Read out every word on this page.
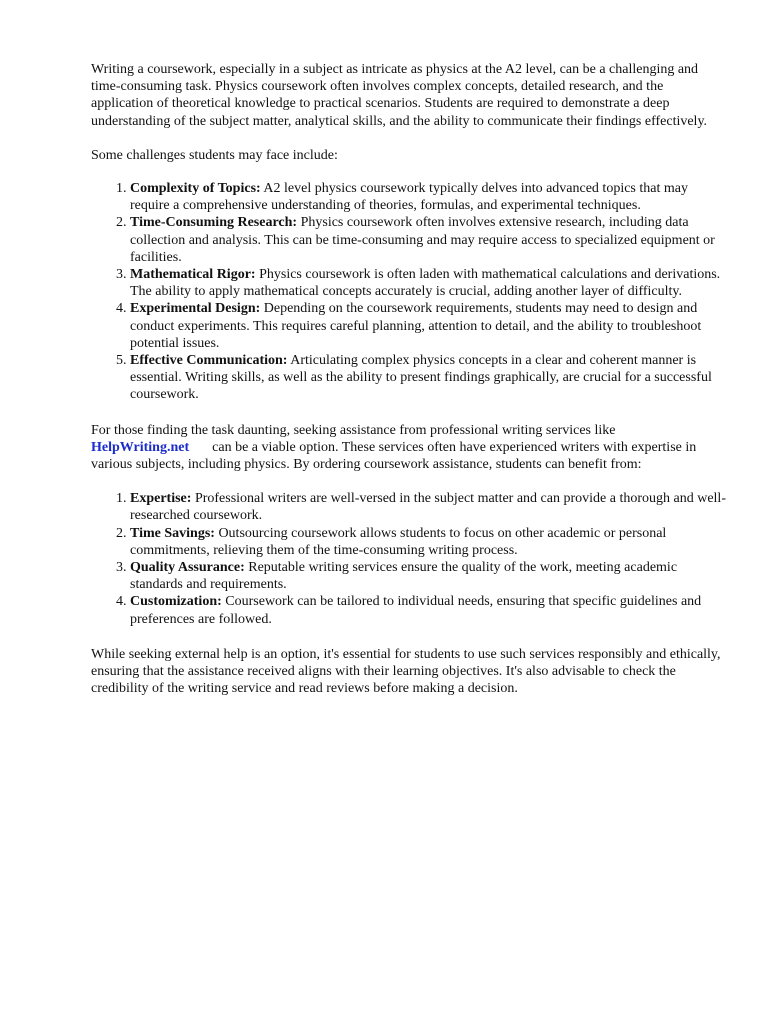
Writing a coursework, especially in a subject as intricate as physics at the A2 level, can be a challenging and time-consuming task. Physics coursework often involves complex concepts, detailed research, and the application of theoretical knowledge to practical scenarios. Students are required to demonstrate a deep understanding of the subject matter, analytical skills, and the ability to communicate their findings effectively.

Some challenges students may face include:

1. Complexity of Topics: A2 level physics coursework typically delves into advanced topics that may require a comprehensive understanding of theories, formulas, and experimental techniques.
2. Time-Consuming Research: Physics coursework often involves extensive research, including data collection and analysis. This can be time-consuming and may require access to specialized equipment or facilities.
3. Mathematical Rigor: Physics coursework is often laden with mathematical calculations and derivations. The ability to apply mathematical concepts accurately is crucial, adding another layer of difficulty.
4. Experimental Design: Depending on the coursework requirements, students may need to design and conduct experiments. This requires careful planning, attention to detail, and the ability to troubleshoot potential issues.
5. Effective Communication: Articulating complex physics concepts in a clear and coherent manner is essential. Writing skills, as well as the ability to present findings graphically, are crucial for a successful coursework.

For those finding the task daunting, seeking assistance from professional writing services like
HelpWriting.net can be a viable option. These services often have experienced writers with expertise in various subjects, including physics. By ordering coursework assistance, students can benefit from:

1. Expertise: Professional writers are well-versed in the subject matter and can provide a thorough and well-researched coursework.
2. Time Savings: Outsourcing coursework allows students to focus on other academic or personal commitments, relieving them of the time-consuming writing process.
3. Quality Assurance: Reputable writing services ensure the quality of the work, meeting academic standards and requirements.
4. Customization: Coursework can be tailored to individual needs, ensuring that specific guidelines and preferences are followed.

While seeking external help is an option, it's essential for students to use such services responsibly and ethically, ensuring that the assistance received aligns with their learning objectives. It's also advisable to check the credibility of the writing service and read reviews before making a decision.
